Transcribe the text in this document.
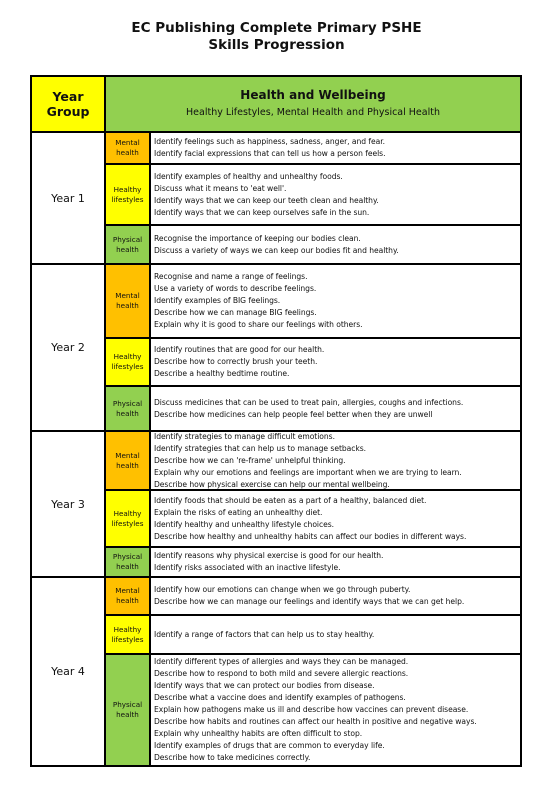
EC Publishing Complete Primary PSHE
Skills Progression
Year
Group
Health and Wellbeing
Healthy Lifestyles, Mental Health and Physical Health
Year 1
Mental
health
Identify feelings such as happiness, sadness, anger, and fear.
Identify facial expressions that can tell us how a person feels.
Healthy
lifestyles
Identify examples of healthy and unhealthy foods.
Discuss what it means to 'eat well'.
Identify ways that we can keep our teeth clean and healthy.
Identify ways that we can keep ourselves safe in the sun.
Physical
health
Recognise the importance of keeping our bodies clean.
Discuss a variety of ways we can keep our bodies fit and healthy.
Year 2
Mental
health
Recognise and name a range of feelings.
Use a variety of words to describe feelings.
Identify examples of BIG feelings.
Describe how we can manage BIG feelings.
Explain why it is good to share our feelings with others.
Healthy
lifestyles
Identify routines that are good for our health.
Describe how to correctly brush your teeth.
Describe a healthy bedtime routine.
Physical
health
Discuss medicines that can be used to treat pain, allergies, coughs and infections.
Describe how medicines can help people feel better when they are unwell
Year 3
Mental
health
Identify strategies to manage difficult emotions.
Identify strategies that can help us to manage setbacks.
Describe how we can 're-frame' unhelpful thinking.
Explain why our emotions and feelings are important when we are trying to learn.
Describe how physical exercise can help our mental wellbeing.
Healthy
lifestyles
Identify foods that should be eaten as a part of a healthy, balanced diet.
Explain the risks of eating an unhealthy diet.
Identify healthy and unhealthy lifestyle choices.
Describe how healthy and unhealthy habits can affect our bodies in different ways.
Physical
health
Identify reasons why physical exercise is good for our health.
Identify risks associated with an inactive lifestyle.
Year 4
Mental
health
Identify how our emotions can change when we go through puberty.
Describe how we can manage our feelings and identify ways that we can get help.
Healthy
lifestyles
Identify a range of factors that can help us to stay healthy.
Physical
health
Identify different types of allergies and ways they can be managed.
Describe how to respond to both mild and severe allergic reactions.
Identify ways that we can protect our bodies from disease.
Describe what a vaccine does and identify examples of pathogens.
Explain how pathogens make us ill and describe how vaccines can prevent disease.
Describe how habits and routines can affect our health in positive and negative ways.
Explain why unhealthy habits are often difficult to stop.
Identify examples of drugs that are common to everyday life.
Describe how to take medicines correctly.
